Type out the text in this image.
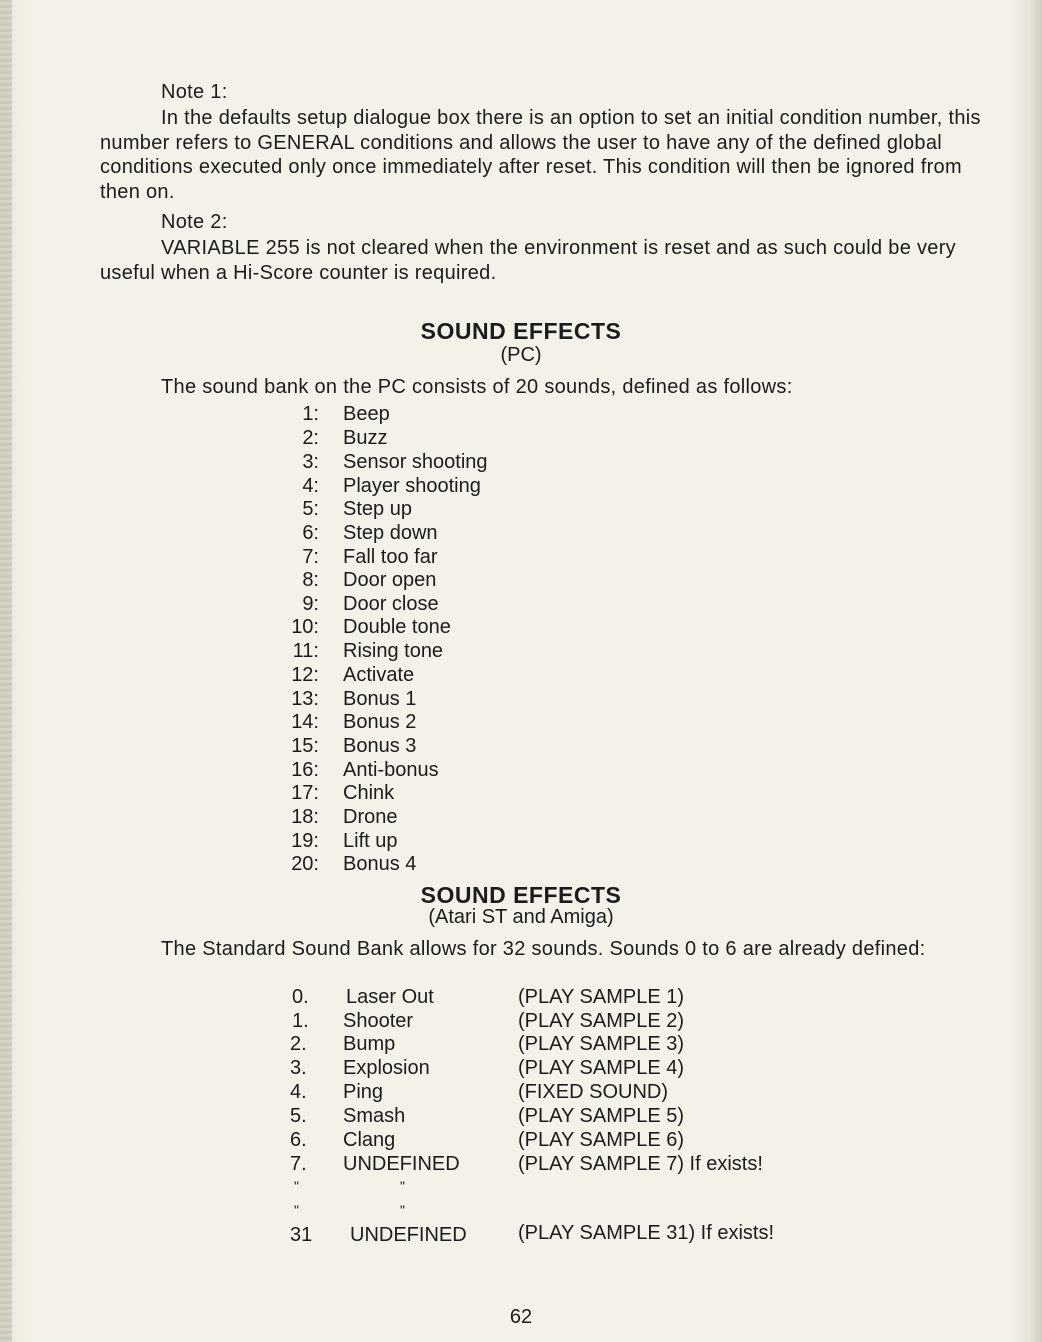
Note 1:
In the defaults setup dialogue box there is an option to set an initial condition number, this number refers to GENERAL conditions and allows the user to have any of the defined global conditions executed only once immediately after reset. This condition will then be ignored from then on.
Note 2:
VARIABLE 255 is not cleared when the environment is reset and as such could be very useful when a Hi-Score counter is required.
SOUND EFFECTS
(PC)
The sound bank on the PC consists of 20 sounds, defined as follows:
1: Beep
2: Buzz
3: Sensor shooting
4: Player shooting
5: Step up
6: Step down
7: Fall too far
8: Door open
9: Door close
10: Double tone
11: Rising tone
12: Activate
13: Bonus 1
14: Bonus 2
15: Bonus 3
16: Anti-bonus
17: Chink
18: Drone
19: Lift up
20: Bonus 4
SOUND EFFECTS
(Atari ST and Amiga)
The Standard Sound Bank allows for 32 sounds. Sounds 0 to 6 are already defined:
0. Laser Out	(PLAY SAMPLE 1)
1. Shooter	(PLAY SAMPLE 2)
2. Bump	(PLAY SAMPLE 3)
3. Explosion	(PLAY SAMPLE 4)
4. Ping	(FIXED SOUND)
5. Smash	(PLAY SAMPLE 5)
6. Clang	(PLAY SAMPLE 6)
7. UNDEFINED	(PLAY SAMPLE 7) If exists!
"	"
"	"
31 UNDEFINED	(PLAY SAMPLE 31) If exists!
62
